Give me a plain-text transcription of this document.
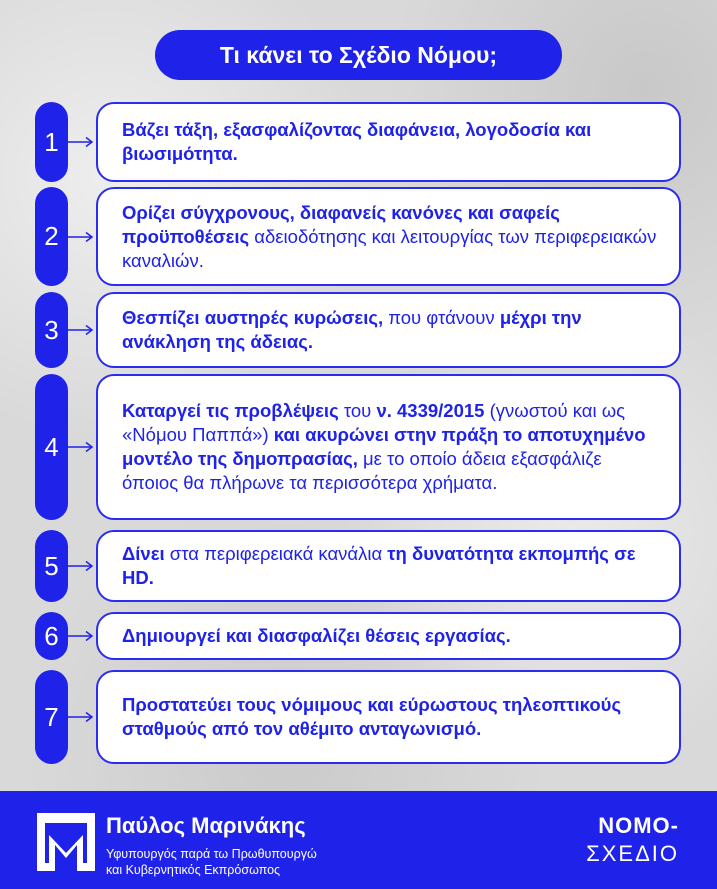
Τι κάνει το Σχέδιο Νόμου;
1	Βάζει τάξη, εξασφαλίζοντας διαφάνεια, λογοδοσία και βιωσιμότητα.
2
Ορίζει σύγχρονους, διαφανείς κανόνες και σαφείς προϋποθέσεις αδειοδότησης και λειτουργίας των περιφερειακών καναλιών.
3	Θεσπίζει αυστηρές κυρώσεις, που φτάνουν μέχρι την ανάκληση της άδειας.
4
Καταργεί τις προβλέψεις του ν. 4339/2015 (γνωστού και ως «Νόμου Παππά») και ακυρώνει στην πράξη το αποτυχημένο μοντέλο της δημοπρασίας, με το οποίο άδεια εξασφάλιζε όποιος θα πλήρωνε τα περισσότερα χρήματα.
5	Δίνει στα περιφερειακά κανάλια τη δυνατότητα εκπομπής σε HD.
6	Δημιουργεί και διασφαλίζει θέσεις εργασίας.
7	Προστατεύει τους νόμιμους και εύρωστους τηλεοπτικούς σταθμούς από τον αθέμιτο ανταγωνισμό.
Παύλος Μαρινάκης
Υφυπουργός παρά τω Πρωθυπουργώ
και Κυβερνητικός Εκπρόσωπος
ΝΟΜΟ-
ΣΧΕΔΙΟ
